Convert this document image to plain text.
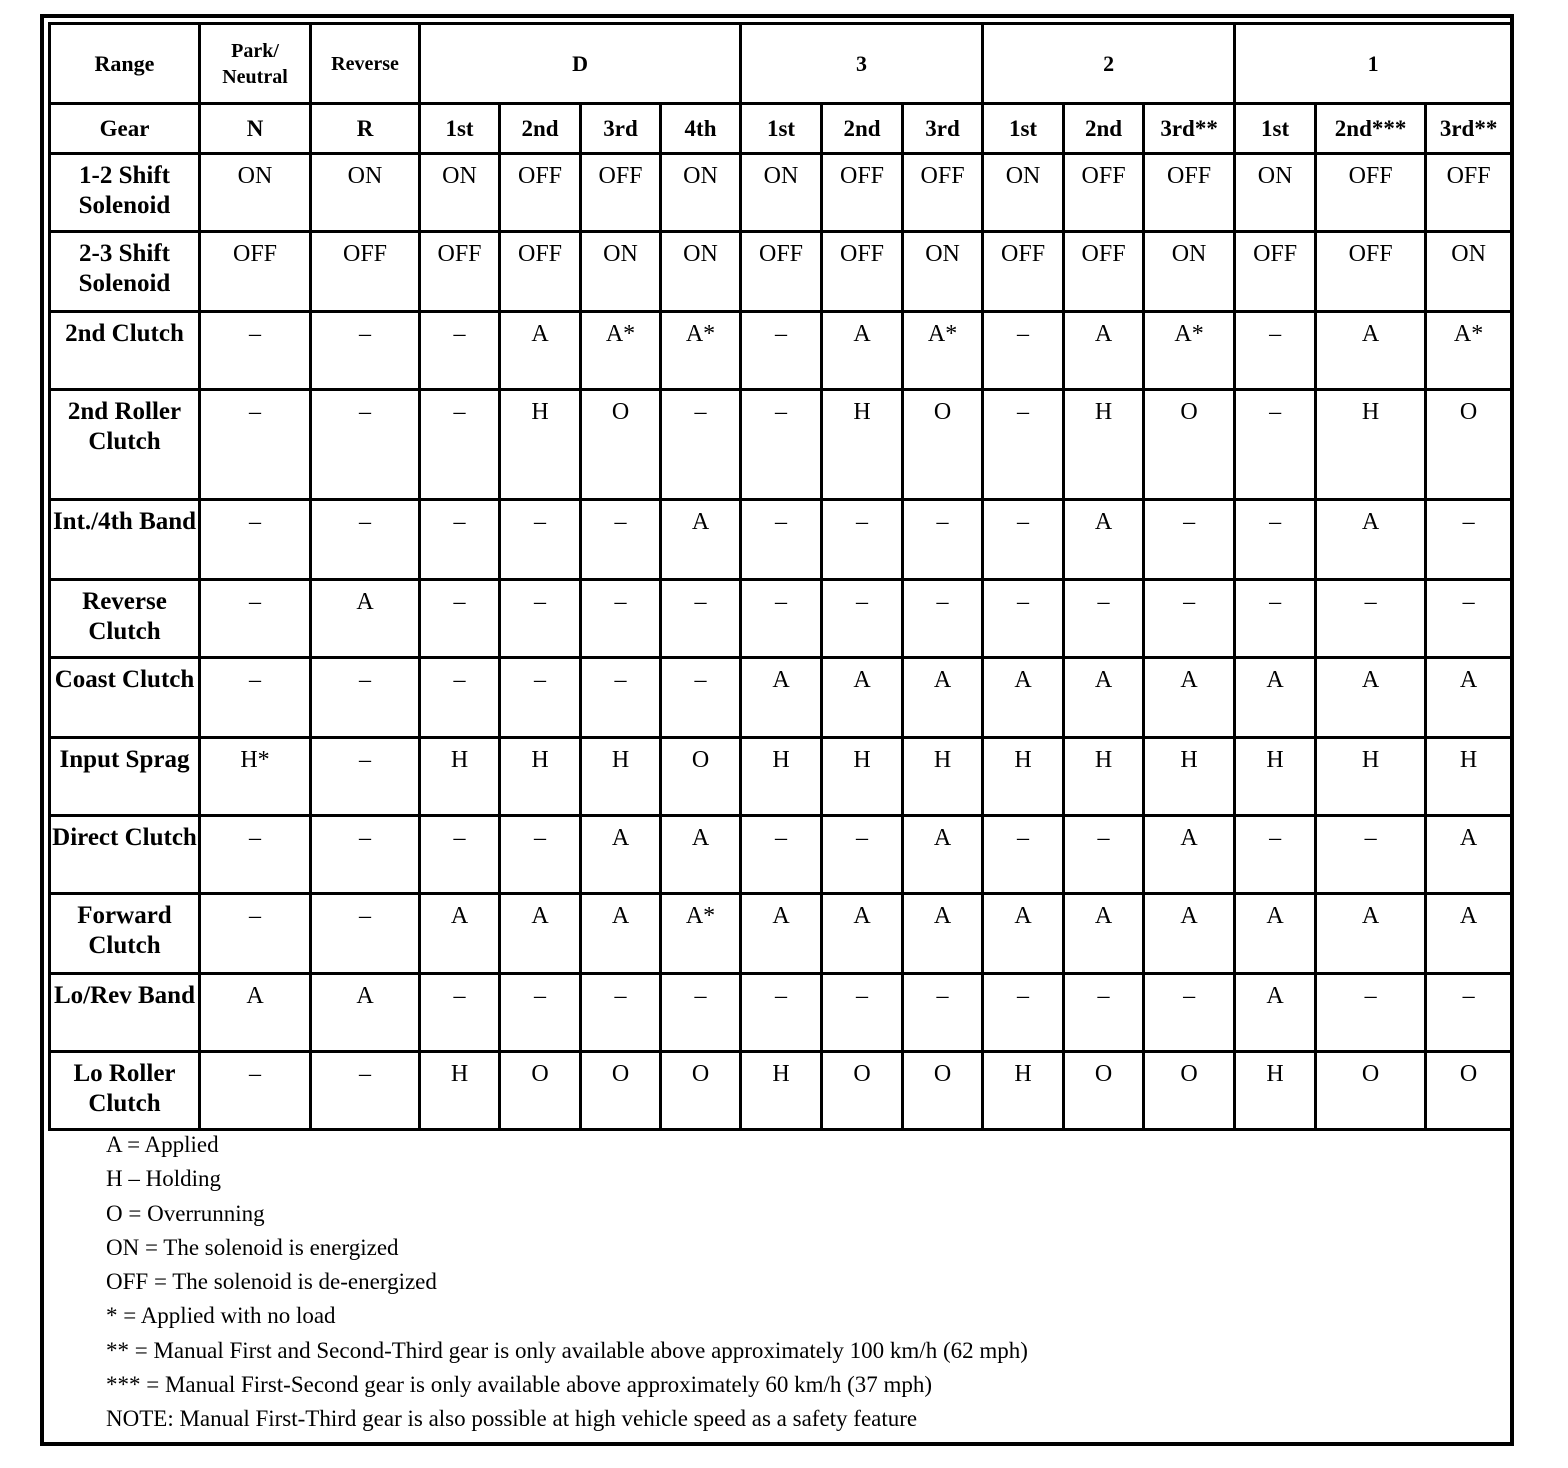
Range	Park/ Neutral	Reverse	D				3			2			1		
Gear	N	R	1st	2nd	3rd	4th	1st	2nd	3rd	1st	2nd	3rd**	1st	2nd***	3rd**
1-2 Shift Solenoid	ON	ON	ON	OFF	OFF	ON	ON	OFF	OFF	ON	OFF	OFF	ON	OFF	OFF
2-3 Shift Solenoid	OFF	OFF	OFF	OFF	ON	ON	OFF	OFF	ON	OFF	OFF	ON	OFF	OFF	ON
2nd Clutch	–	–	–	A	A*	A*	–	A	A*	–	A	A*	–	A	A*
2nd Roller Clutch	–	–	–	H	O	–	–	H	O	–	H	O	–	H	O
Int./4th Band	–	–	–	–	–	A	–	–	–	–	A	–	–	A	–
Reverse Clutch	–	A	–	–	–	–	–	–	–	–	–	–	–	–	–
Coast Clutch	–	–	–	–	–	–	A	A	A	A	A	A	A	A	A
Input Sprag	H*	–	H	H	H	O	H	H	H	H	H	H	H	H	H
Direct Clutch	–	–	–	–	A	A	–	–	A	–	–	A	–	–	A
Forward Clutch	–	–	A	A	A	A*	A	A	A	A	A	A	A	A	A
Lo/Rev Band	A	A	–	–	–	–	–	–	–	–	–	–	A	–	–
Lo Roller Clutch	–	–	H	O	O	O	H	O	O	H	O	O	H	O	O
A = Applied
H – Holding
O = Overrunning
ON = The solenoid is energized
OFF = The solenoid is de-energized
* = Applied with no load
** = Manual First and Second-Third gear is only available above approximately 100 km/h (62 mph)
*** = Manual First-Second gear is only available above approximately 60 km/h (37 mph)
NOTE: Manual First-Third gear is also possible at high vehicle speed as a safety feature
